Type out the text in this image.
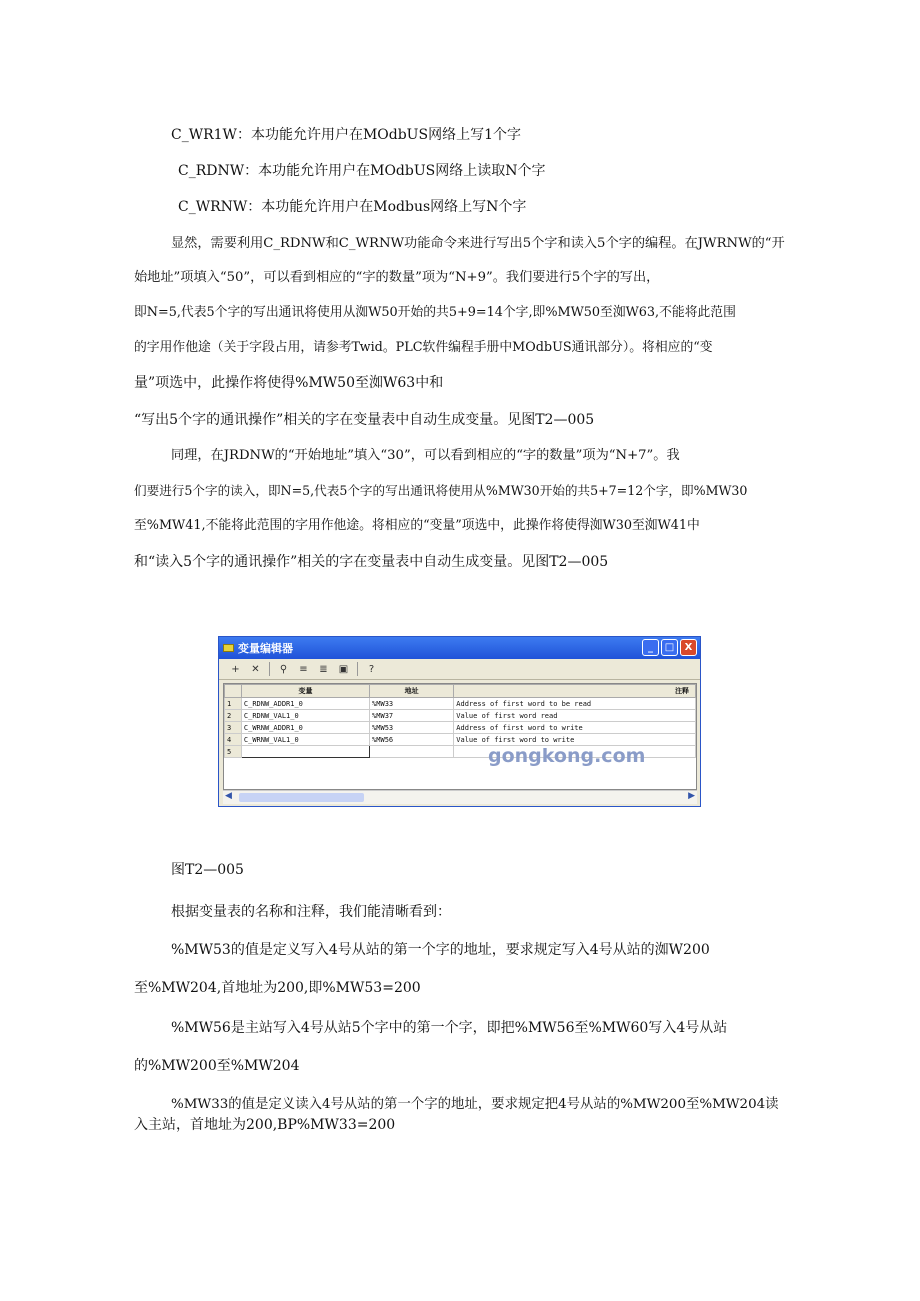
C_WR1W：本功能允许用户在MOdbUS网络上写1个字
C_RDNW：本功能允许用户在MOdbUS网络上读取N个字
C_WRNW：本功能允许用户在Modbus网络上写N个字
显然，需要利用C_RDNW和C_WRNW功能命令来进行写出5个字和读入5个字的编程。在JWRNW的“开
始地址”项填入“50”，可以看到相应的“字的数量”项为“N+9”。我们要进行5个字的写出，
即N=5,代表5个字的写出通讯将使用从洳W50开始的共5+9=14个字,即%MW50至洳W63,不能将此范围
的字用作他途（关于字段占用，请参考Twid。PLC软件编程手册中MOdbUS通讯部分）。将相应的“变
量”项选中，此操作将使得%MW50至洳W63中和
“写出5个字的通讯操作”相关的字在变量表中自动生成变量。见图T2—005
同理，在JRDNW的“开始地址”填入“30”，可以看到相应的“字的数量”项为“N+7”。我
们要进行5个字的读入，即N=5,代表5个字的写出通讯将使用从%MW30开始的共5+7=12个字，即%MW30
至%MW41,不能将此范围的字用作他途。将相应的“变量”项选中，此操作将使得洳W30至洳W41中
和“读入5个字的通讯操作”相关的字在变量表中自动生成变量。见图T2—005
图T2—005
根据变量表的名称和注释，我们能清晰看到：
%MW53的值是定义写入4号从站的第一个字的地址，要求规定写入4号从站的洳W200
至%MW204,首地址为200,即%MW53=200
%MW56是主站写入4号从站5个字中的第一个字，即把%MW56至%MW60写入4号从站
的%MW200至%MW204
%MW33的值是定义读入4号从站的第一个字的地址，要求规定把4号从站的%MW200至%MW204读
入主站，首地址为200,BP%MW33=200
变量编辑器	_	□	X
+ ✕ ⚲ ≡ ≣ ▣	?
	变量	地址	注释
1	C_RDNW_ADDR1_0	%MW33	Address of first word to be read
2	C_RDNW_VAL1_0	%MW37	Value of first word read
3	C_WRNW_ADDR1_0	%MW53	Address of first word to write
4	C_WRNW_VAL1_0	%MW56	Value of first word to write
5				gongkong.com
◀	▶
